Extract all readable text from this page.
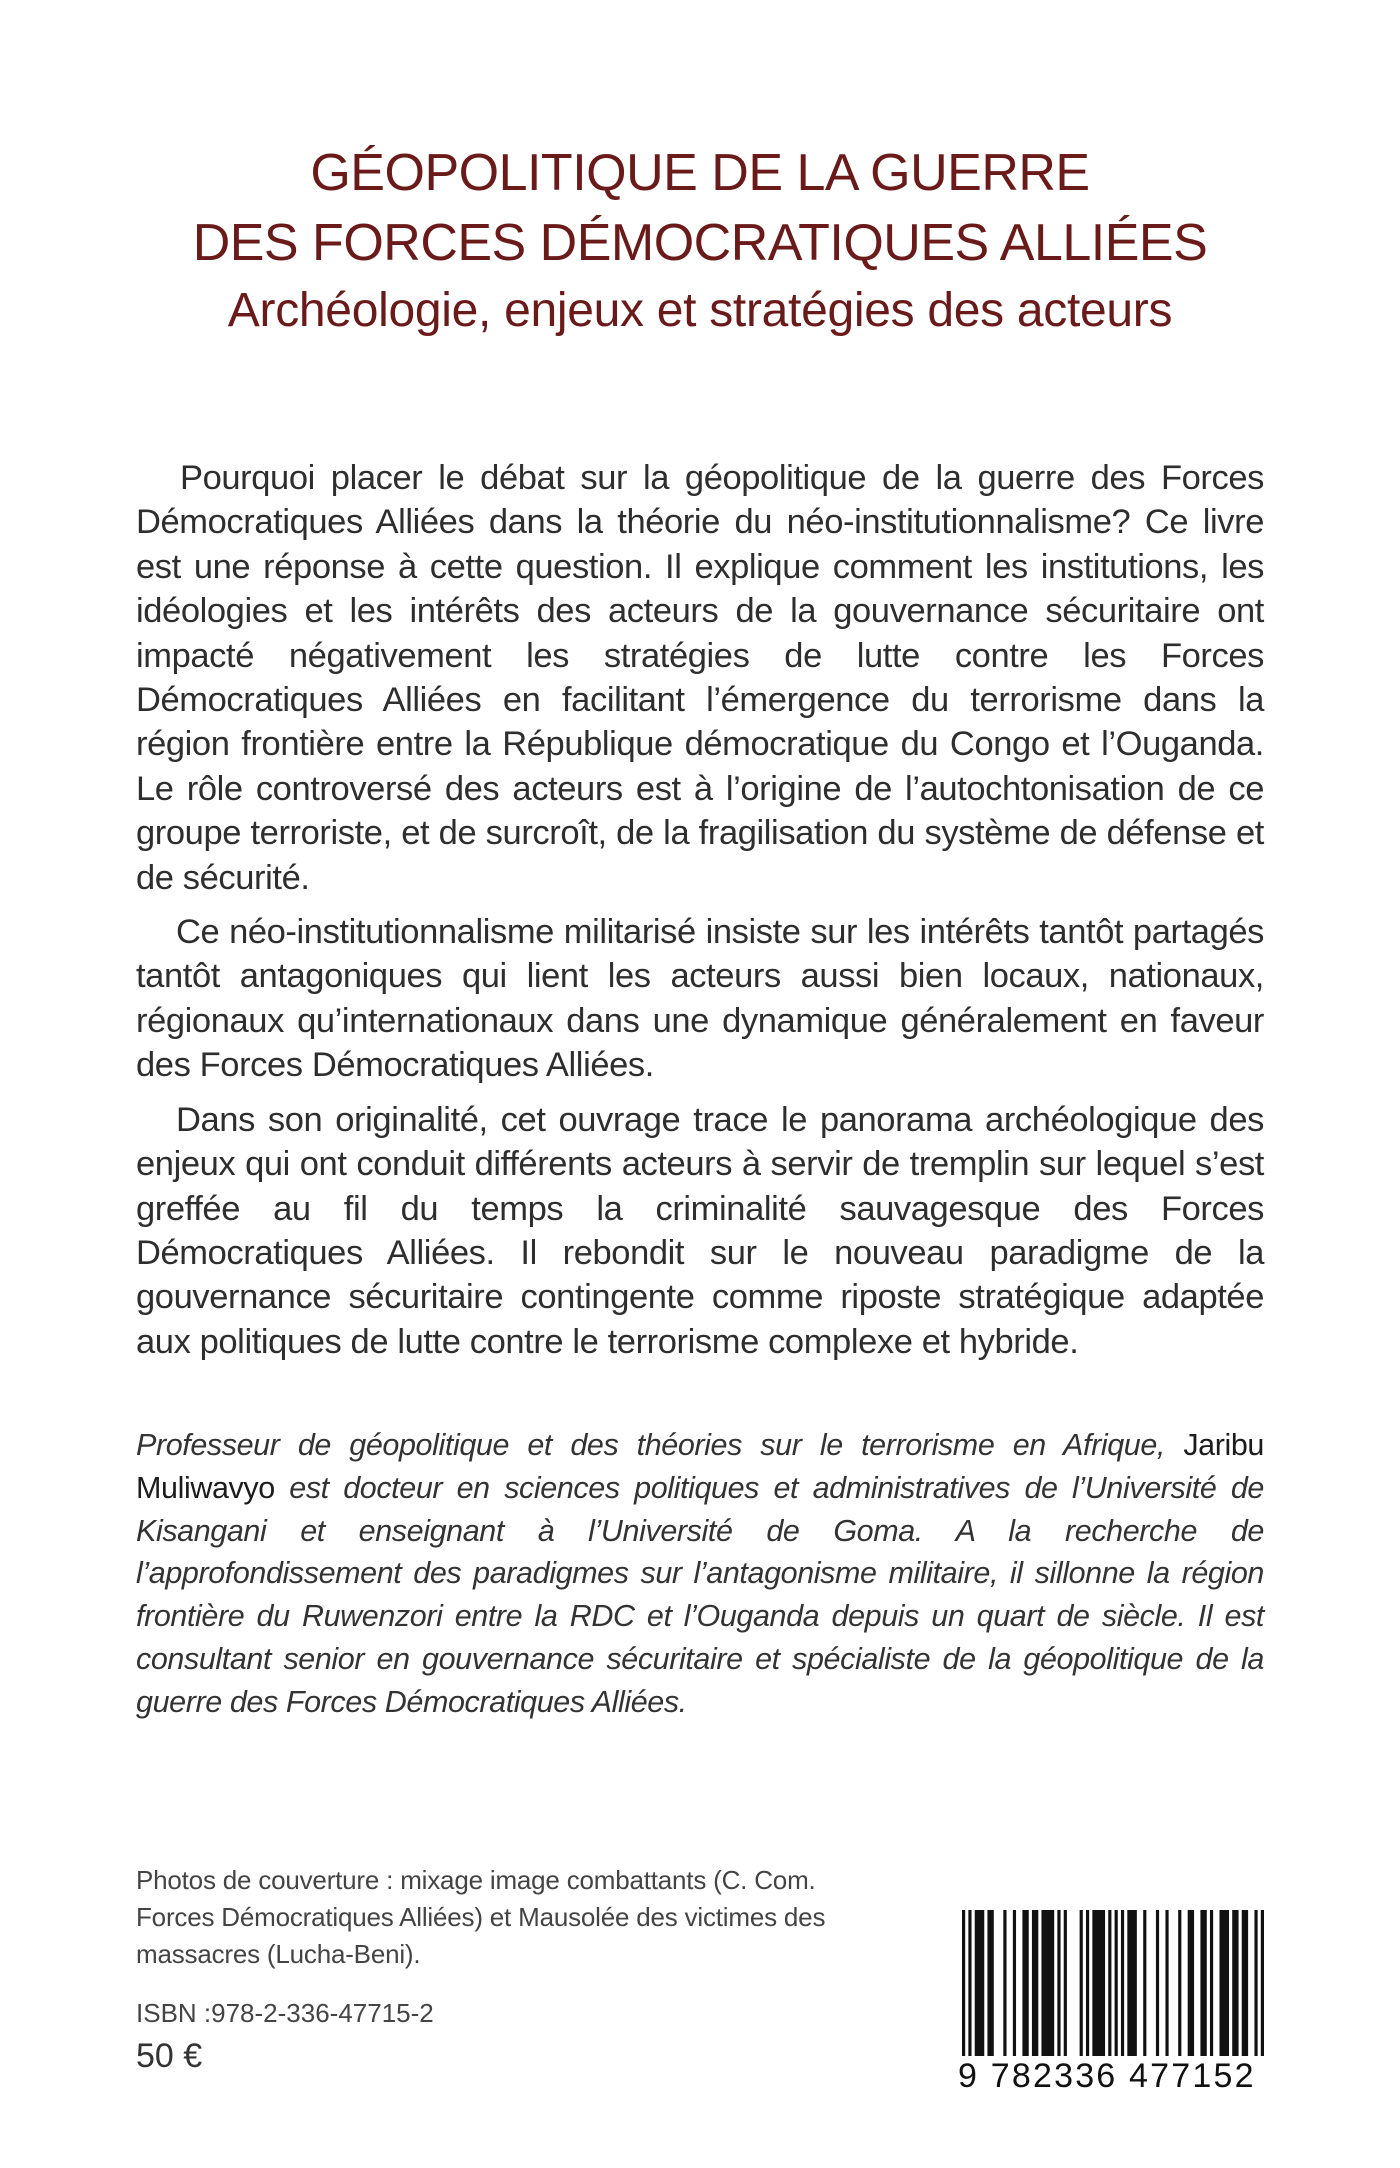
GÉOPOLITIQUE DE LA GUERRE
DES FORCES DÉMOCRATIQUES ALLIÉES
Archéologie, enjeux et stratégies des acteurs

Pourquoi placer le débat sur la géopolitique de la guerre des Forces Démocratiques Alliées dans la théorie du néo-institutionnalisme? Ce livre est une réponse à cette question. Il explique comment les institutions, les idéologies et les intérêts des acteurs de la gouvernance sécuritaire ont impacté négativement les stratégies de lutte contre les Forces Démocratiques Alliées en facilitant l’émergence du terrorisme dans la région frontière entre la République démocratique du Congo et l’Ouganda. Le rôle controversé des acteurs est à l’origine de l’autochtonisation de ce groupe terroriste, et de surcroît, de la fragilisation du système de défense et de sécurité.

Ce néo-institutionnalisme militarisé insiste sur les intérêts tantôt partagés tantôt antagoniques qui lient les acteurs aussi bien locaux, nationaux, régionaux qu’internationaux dans une dynamique généralement en faveur des Forces Démocratiques Alliées.

Dans son originalité, cet ouvrage trace le panorama archéologique des enjeux qui ont conduit différents acteurs à servir de tremplin sur lequel s’est greffée au fil du temps la criminalité sauvagesque des Forces Démocratiques Alliées. Il rebondit sur le nouveau paradigme de la gouvernance sécuritaire contingente comme riposte stratégique adaptée aux politiques de lutte contre le terrorisme complexe et hybride.

Professeur de géopolitique et des théories sur le terrorisme en Afrique, Jaribu Muliwavyo est docteur en sciences politiques et administratives de l’Université de Kisangani et enseignant à l’Université de Goma. A la recherche de l’approfondissement des paradigmes sur l’antagonisme militaire, il sillonne la région frontière du Ruwenzori entre la RDC et l’Ouganda depuis un quart de siècle. Il est consultant senior en gouvernance sécuritaire et spécialiste de la géopolitique de la guerre des Forces Démocratiques Alliées.
Photos de couverture : mixage image combattants (C. Com.
Forces Démocratiques Alliées) et Mausolée des victimes des
massacres (Lucha-Beni).
ISBN :978-2-336-47715-2
50 €
9 782336 477152
